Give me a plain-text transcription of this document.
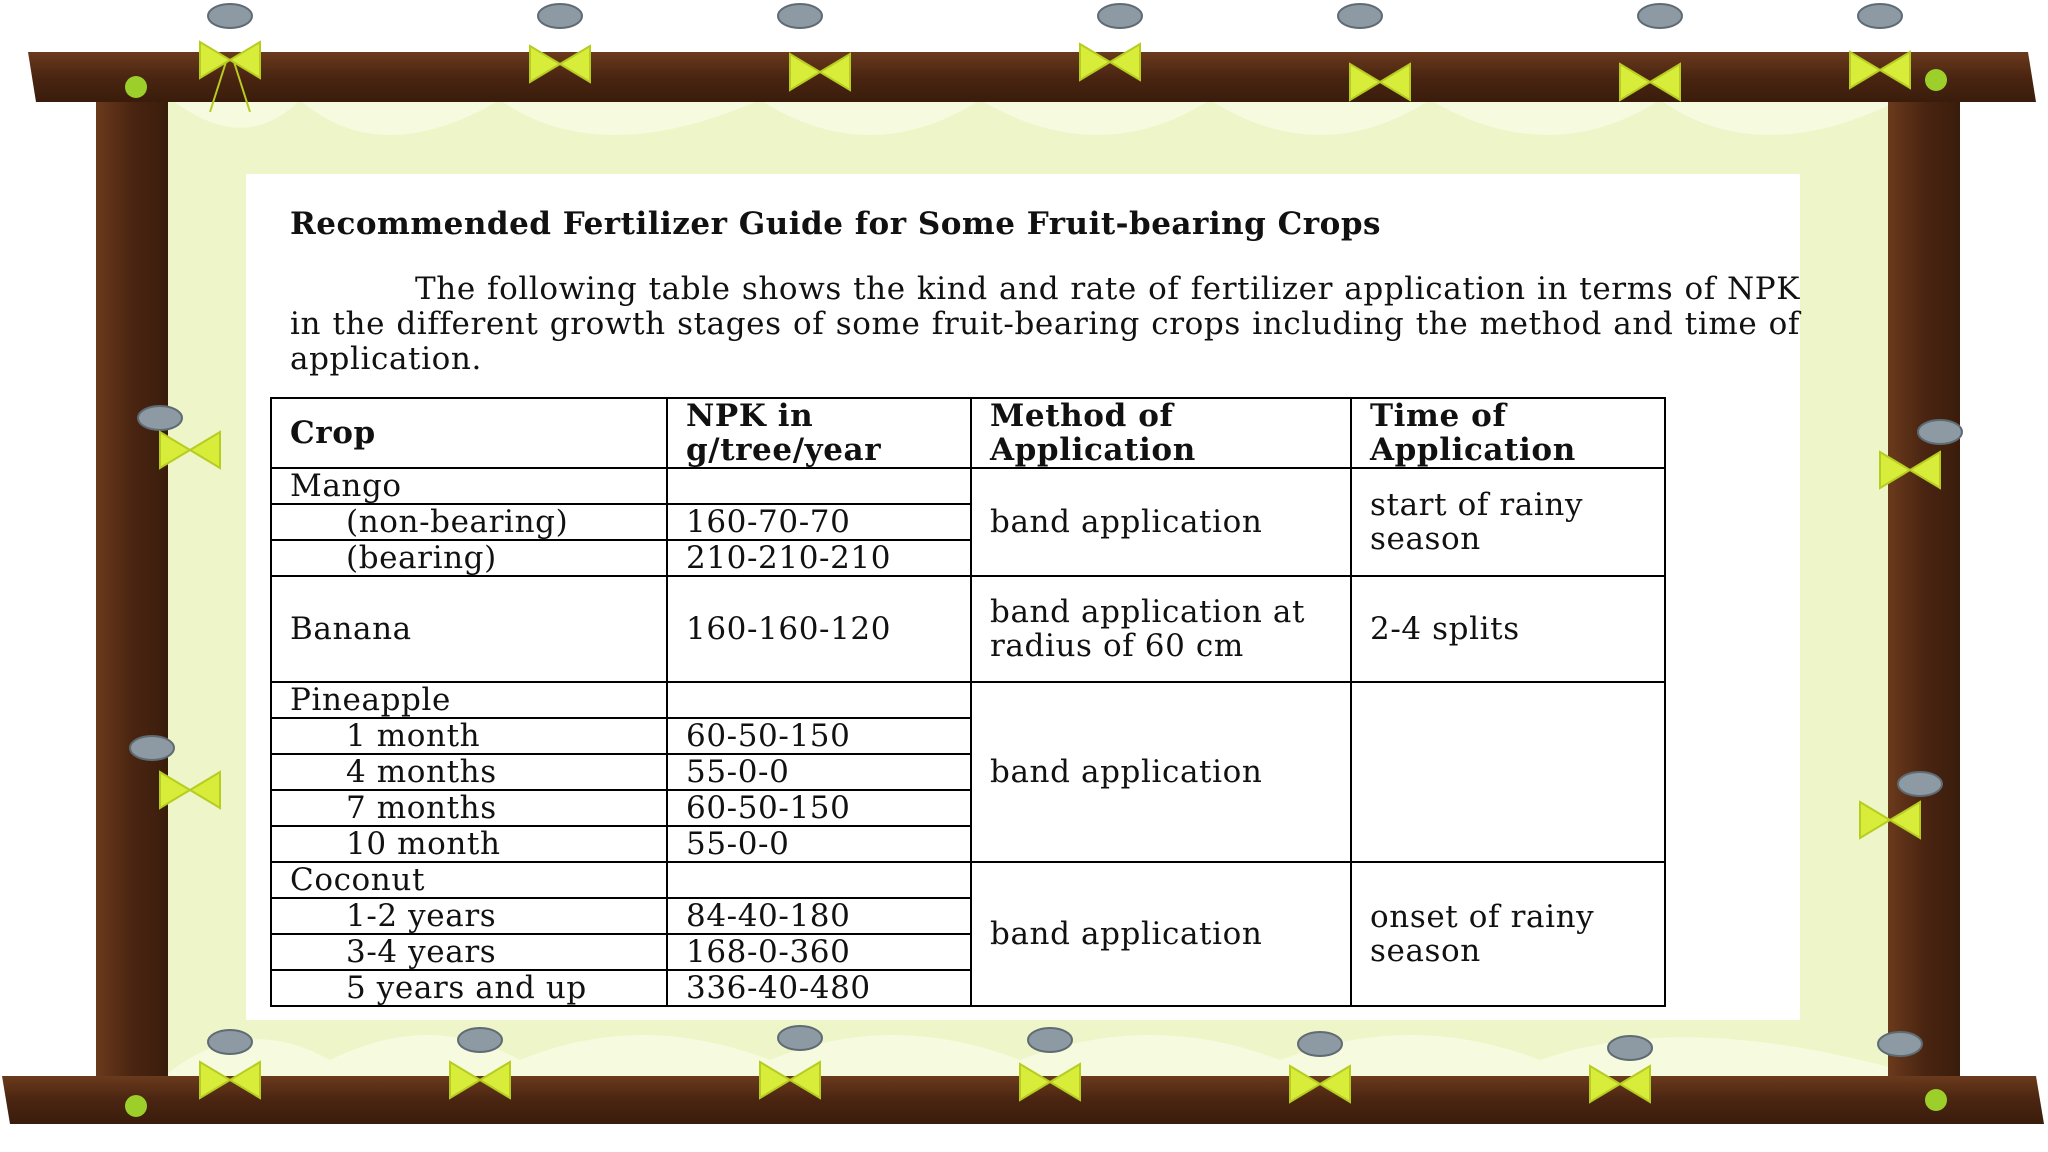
Recommended Fertilizer Guide for Some Fruit-bearing Crops
The following table shows the kind and rate of fertilizer application in terms of NPK in the different growth stages of some fruit-bearing crops including the method and time of application.
Crop	NPK in g/tree/year	Method of Application	Time of Application
Mango		band application	start of rainy season
(non-bearing)	160-70-70		
(bearing)	210-210-210		
Banana	160-160-120	band application at radius of 60 cm	2-4 splits
Pineapple		band application	
1 month	60-50-150		
4 months	55-0-0		
7 months	60-50-150		
10 month	55-0-0		
Coconut		band application	onset of rainy season
1-2 years	84-40-180		
3-4 years	168-0-360		
5 years and up	336-40-480		
